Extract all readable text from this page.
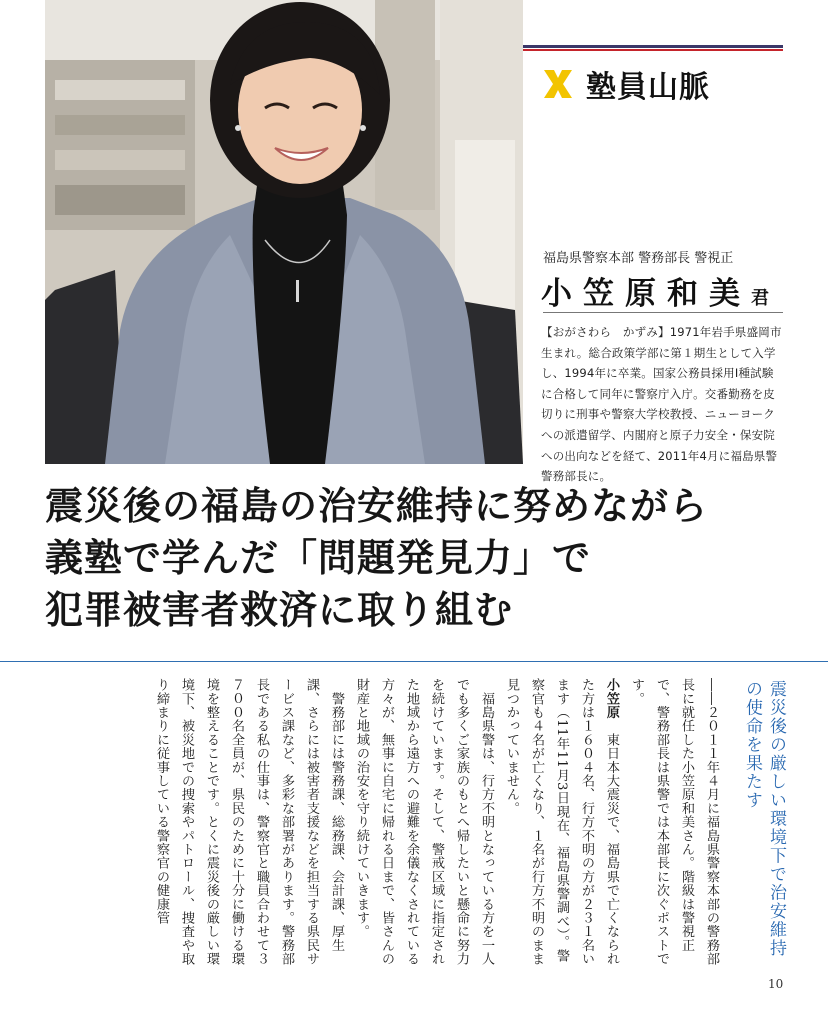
塾員山脈
福島県警察本部 警務部長 警視正
小笠原和美 君

【おがさわら　かずみ】1971年岩手県盛岡市生まれ。総合政策学部に第１期生として入学し、1994年に卒業。国家公務員採用Ⅰ種試験に合格して同年に警察庁入庁。交番勤務を皮切りに刑事や警察大学校教授、ニューヨークへの派遣留学、内閣府と原子力安全・保安院への出向などを経て、2011年4月に福島県警警務部長に。

震災後の福島の治安維持に努めながら
義塾で学んだ「問題発見力」で
犯罪被害者救済に取り組む
震災後の厳しい環境下で治安維持の使命を果たす

――２０１１年４月に福島県警察本部の警務部長に就任した小笠原和美さん。階級は警視正で、警務部長は県警では本部長に次ぐポストです。

小笠原　東日本大震災で、福島県で亡くなられた方は１６０４名、行方不明の方が２３１名います（11年11月3日現在、福島県警調べ）。警察官も４名が亡くなり、１名が行方不明のまま見つかっていません。

　福島県警は、行方不明となっている方を一人でも多くご家族のもとへ帰したいと懸命に努力を続けています。そして、警戒区域に指定された地域から遠方への避難を余儀なくされている方々が、無事に自宅に帰れる日まで、皆さんの財産と地域の治安を守り続けていきます。

　警務部には警務課、総務課、会計課、厚生課、さらには被害者支援などを担当する県民サービス課など、多彩な部署があります。警務部長である私の仕事は、警察官と職員合わせて３７００名全員が、県民のために十分に働ける環境を整えることです。とくに震災後の厳しい環境下、被災地での捜索やパトロール、捜査や取り締まりに従事している警察官の健康管

10
